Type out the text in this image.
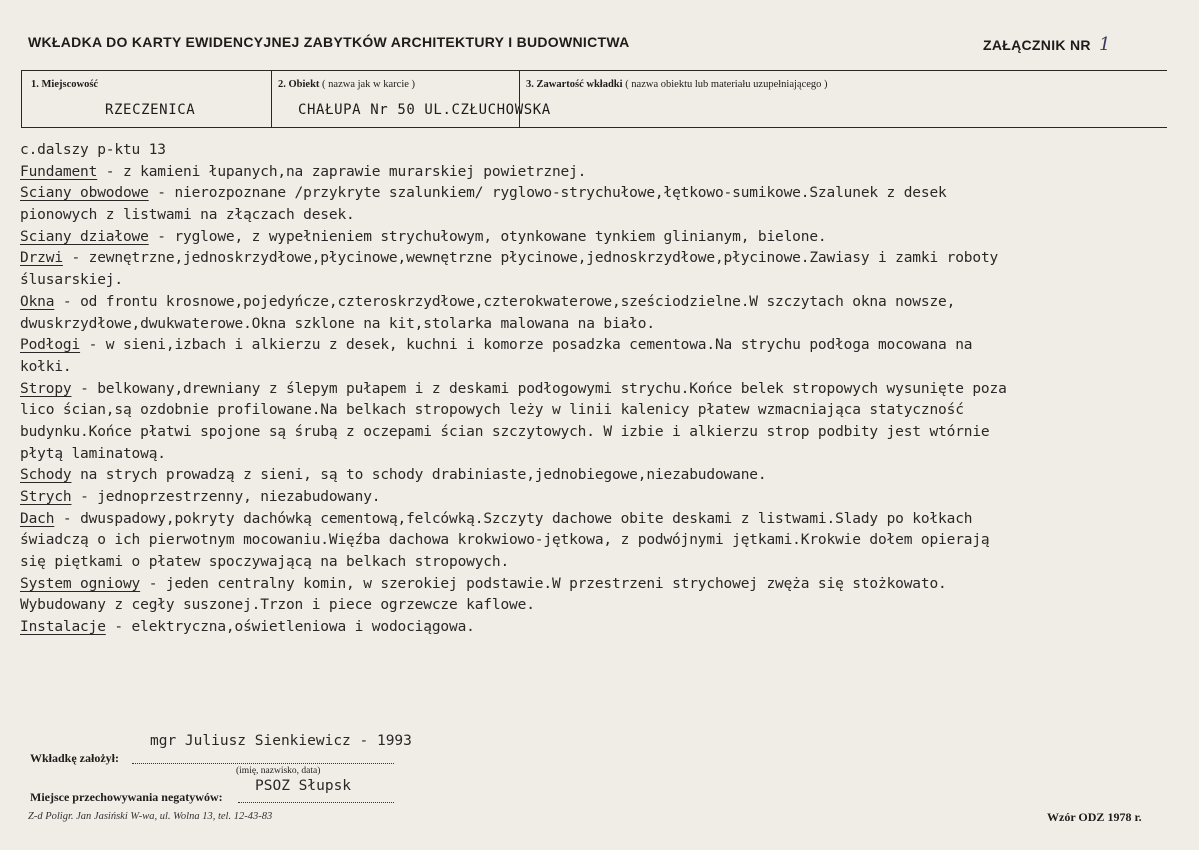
WKŁADKA DO KARTY EWIDENCYJNEJ ZABYTKÓW ARCHITEKTURY I BUDOWNICTWA	ZAŁĄCZNIK NR 1
1. Miejscowość
RZECZENICA
2. Obiekt ( nazwa jak w karcie )
CHAŁUPA Nr 50 UL.CZŁUCHOWSKA
3. Zawartość wkładki ( nazwa obiektu lub materiału uzupełniającego )
c.dalszy p-ktu 13
Fundament - z kamieni łupanych,na zaprawie murarskiej powietrznej.
Sciany obwodowe - nierozpoznane /przykryte szalunkiem/ ryglowo-strychułowe,łętkowo-sumikowe.Szalunek z desek
pionowych z listwami na złączach desek.
Sciany działowe - ryglowe, z wypełnieniem strychułowym, otynkowane tynkiem glinianym, bielone.
Drzwi - zewnętrzne,jednoskrzydłowe,płycinowe,wewnętrzne płycinowe,jednoskrzydłowe,płycinowe.Zawiasy i zamki roboty
ślusarskiej.
Okna - od frontu krosnowe,pojedyńcze,czteroskrzydłowe,czterokwaterowe,sześciodzielne.W szczytach okna nowsze,
dwuskrzydłowe,dwukwaterowe.Okna szklone na kit,stolarka malowana na biało.
Podłogi - w sieni,izbach i alkierzu z desek, kuchni i komorze posadzka cementowa.Na strychu podłoga mocowana na
kołki.
Stropy - belkowany,drewniany z ślepym pułapem i z deskami podłogowymi strychu.Końce belek stropowych wysunięte poza
lico ścian,są ozdobnie profilowane.Na belkach stropowych leży w linii kalenicy płatew wzmacniająca statyczność
budynku.Końce płatwi spojone są śrubą z oczepami ścian szczytowych. W izbie i alkierzu strop podbity jest wtórnie
płytą laminatową.
Schody na strych prowadzą z sieni, są to schody drabiniaste,jednobiegowe,niezabudowane.
Strych - jednoprzestrzenny, niezabudowany.
Dach - dwuspadowy,pokryty dachówką cementową,felcówką.Szczyty dachowe obite deskami z listwami.Slady po kołkach
świadczą o ich pierwotnym mocowaniu.Więźba dachowa krokwiowo-jętkowa, z podwójnymi jętkami.Krokwie dołem opierają
się piętkami o płatew spoczywającą na belkach stropowych.
System ogniowy - jeden centralny komin, w szerokiej podstawie.W przestrzeni strychowej zwęża się stożkowato.
Wybudowany z cegły suszonej.Trzon i piece ogrzewcze kaflowe.
Instalacje - elektryczna,oświetleniowa i wodociągowa.
Wkładkę założył:
mgr Juliusz Sienkiewicz - 1993
(imię, nazwisko, data)
Miejsce przechowywania negatywów:
PSOZ Słupsk
Z-d Poligr. Jan Jasiński W-wa, ul. Wolna 13, tel. 12-43-83	Wzór ODZ 1978 r.
